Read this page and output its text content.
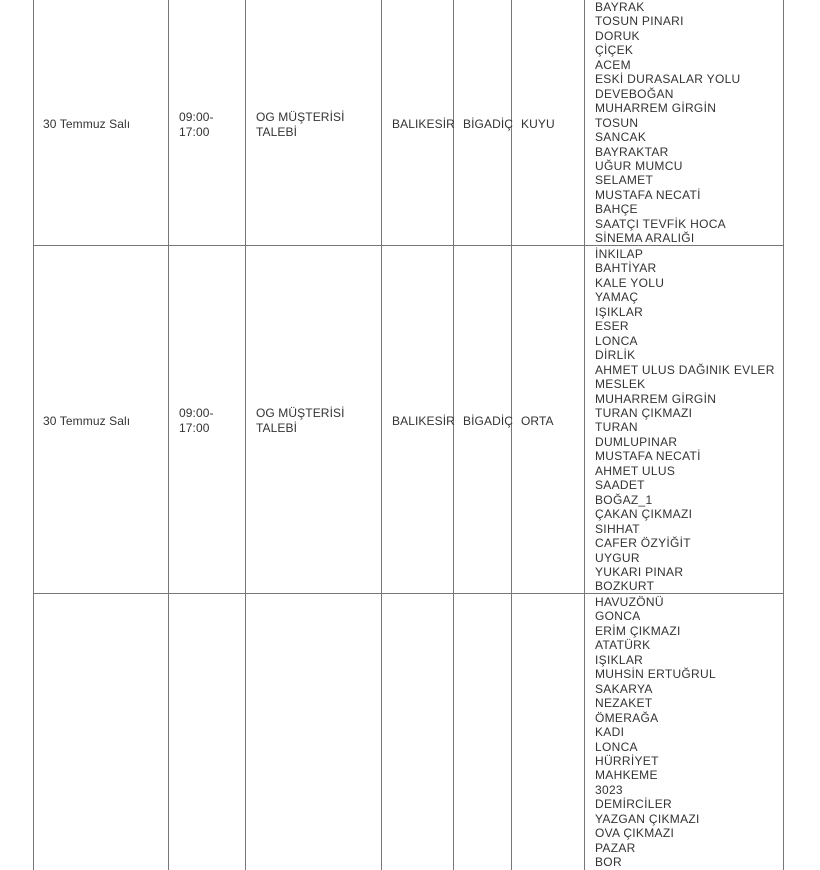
30 Temmuz Salı	09:00-
17:00
OG MÜŞTERİSİ
TALEBİ
BALIKESİR BİGADİÇ KUYU
BAYRAK
TOSUN PINARI
DORUK
ÇİÇEK
ACEM
ESKİ DURASALAR YOLU
DEVEBOĞAN
MUHARREM GİRGİN
TOSUN
SANCAK
BAYRAKTAR
UĞUR MUMCU
SELAMET
MUSTAFA NECATİ
BAHÇE
SAATÇI TEVFİK HOCA
SİNEMA ARALIĞI
30 Temmuz Salı
09:00-
17:00
OG MÜŞTERİSİ
TALEBİ	BALIKESİR BİGADİÇ ORTA
İNKILAP
BAHTİYAR
KALE YOLU
YAMAÇ
IŞIKLAR
ESER
LONCA
DİRLİK
AHMET ULUS DAĞINIK EVLER
MESLEK
MUHARREM GİRGİN
TURAN ÇIKMAZI
TURAN
DUMLUPINAR
MUSTAFA NECATİ
AHMET ULUS
SAADET
BOĞAZ_1
ÇAKAN ÇIKMAZI
SIHHAT
CAFER ÖZYİĞİT
UYGUR
YUKARI PINAR
BOZKURT
HAVUZÖNÜ
GONCA
ERİM ÇIKMAZI
ATATÜRK
IŞIKLAR
MUHSİN ERTUĞRUL
SAKARYA
NEZAKET
ÖMERAĞA
KADI
LONCA
HÜRRİYET
MAHKEME
3023
DEMİRCİLER
YAZGAN ÇIKMAZI
OVA ÇIKMAZI
PAZAR
BOR
